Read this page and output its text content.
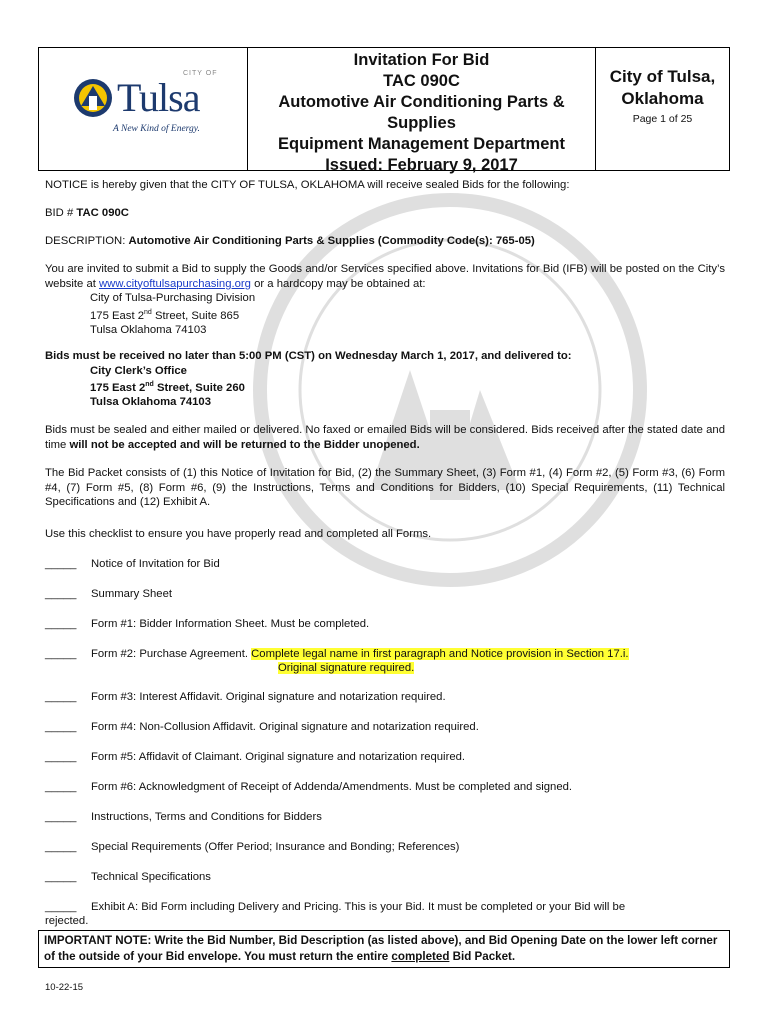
CITY OF
Tulsa
A New Kind of Energy.
Invitation For Bid
TAC 090C
Automotive Air Conditioning Parts &
Supplies
Equipment Management Department
Issued: February 9, 2017
City of Tulsa,
Oklahoma
Page 1 of 25
NOTICE is hereby given that the CITY OF TULSA, OKLAHOMA will receive sealed Bids for the following:
BID # TAC 090C
DESCRIPTION: Automotive Air Conditioning Parts & Supplies (Commodity Code(s): 765-05)
You are invited to submit a Bid to supply the Goods and/or Services specified above. Invitations for Bid (IFB) will be posted on the City’s website at www.cityoftulsapurchasing.org or a hardcopy may be obtained at:
City of Tulsa-Purchasing Division
175 East 2nd Street, Suite 865
Tulsa Oklahoma 74103
Bids must be received no later than 5:00 PM (CST) on Wednesday March 1, 2017, and delivered to:
City Clerk’s Office
175 East 2nd Street, Suite 260
Tulsa Oklahoma 74103
Bids must be sealed and either mailed or delivered. No faxed or emailed Bids will be considered. Bids received after the stated date and time will not be accepted and will be returned to the Bidder unopened.
The Bid Packet consists of (1) this Notice of Invitation for Bid, (2) the Summary Sheet, (3) Form #1, (4) Form #2, (5) Form #3, (6) Form #4, (7) Form #5, (8) Form #6, (9) the Instructions, Terms and Conditions for Bidders, (10) Special Requirements, (11) Technical Specifications and (12) Exhibit A.
Use this checklist to ensure you have properly read and completed all Forms.
_____ Notice of Invitation for Bid
_____ Summary Sheet
_____ Form #1: Bidder Information Sheet. Must be completed.
_____ Form #2: Purchase Agreement. Complete legal name in first paragraph and Notice provision in Section 17.i.
Original signature required.
_____ Form #3: Interest Affidavit. Original signature and notarization required.
_____ Form #4: Non-Collusion Affidavit. Original signature and notarization required.
_____ Form #5: Affidavit of Claimant. Original signature and notarization required.
_____ Form #6: Acknowledgment of Receipt of Addenda/Amendments. Must be completed and signed.
_____ Instructions, Terms and Conditions for Bidders
_____ Special Requirements (Offer Period; Insurance and Bonding; References)
_____ Technical Specifications
_____ Exhibit A: Bid Form including Delivery and Pricing. This is your Bid. It must be completed or your Bid will be
rejected.
IMPORTANT NOTE: Write the Bid Number, Bid Description (as listed above), and Bid Opening Date on the lower left corner of the outside of your Bid envelope. You must return the entire completed Bid Packet.
10-22-15
